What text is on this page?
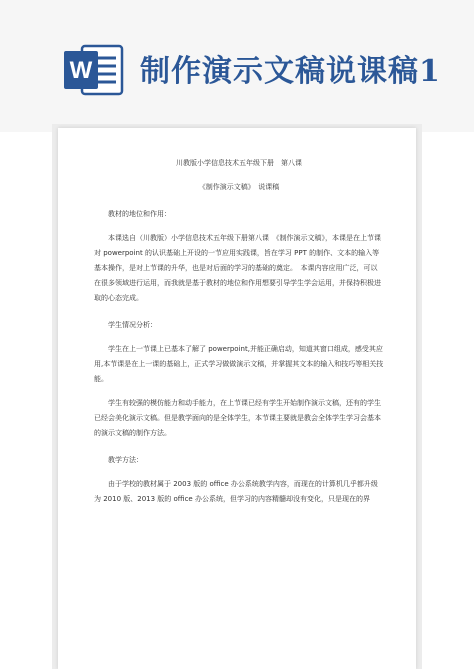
W 制作演示文稿说课稿1

川教版小学信息技术五年级下册　第八课

《制作演示文稿》　说课稿

教材的地位和作用：

本课选自（川教版）小学信息技术五年级下册第八课　《制作演示文稿》，本课是在上节课对 powerpoint 的认识基础上开设的一节应用实践课，旨在学习 PPT 的制作、文本的输入等基本操作，是对上节课的升华，也是对后面的学习的基础的奠定。　本课内容应用广泛，可以在很多领域进行运用，而我就是基于教材的地位和作用想要引导学生学会运用，并保持积极进取的心态完成。

学生情况分析：

学生在上一节课上已基本了解了 powerpoint,并能正确启动，知道其窗口组成，感受其应用,本节课是在上一课的基础上，正式学习做做演示文稿，并掌握其文本的输入和技巧等相关技能。

学生有较强的模仿能力和动手能力，在上节课已经有学生开始制作演示文稿，还有的学生已经会美化演示文稿。但是教学面向的是全体学生，本节课主要就是教会全体学生学习会基本的演示文稿的制作方法。

教学方法：

由于学校的教材属于 2003 版的 office 办公系统教学内容，而现在的计算机几乎都升级为 2010 版、2013 版的 office 办公系统，但学习的内容精髓却没有变化，只是现在的界
